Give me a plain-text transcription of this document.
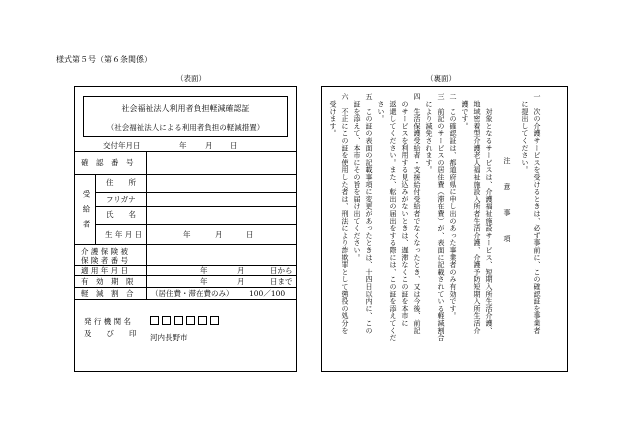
様式第５号（第６条関係）
（表面）	（裏面）
社会福祉法人利用者負担軽減確認証
（社会福祉法人による利用者負担の軽減措置）
交付年月日	年 月 日
確　認　番　号
受　給　者
住　　所
フリガナ
氏　　名
生 年 月 日	年	月	日
介 護 保 険 被
保 険 者 番 号
適 用 年 月 日	年	月	日から
有　効　期　限	年	月	日まで
軽　減　割　合 （居住費・滞在費のみ） 100／100
発 行 機 関 名
及　　び　　印 河内長野市
注　意　事　項
　受けます。 六　不正にこの証を使用した者は、刑法により詐欺罪として懲役の処分を 　証を添えて、本市にその旨を届け出てください。 五　この証の表面の記載事項に変更があったときは、十四日以内に、この 　さい。 　返還してください。また、転出の届出をする際には、この証を添えてくだ 　のサービスを利用する見込みがないときは、遅滞なくこの証を本市に 四　生活保護受給者・支援給付受給者でなくなったとき、又は今後、前記 　により減免されます。 三　前記のサービスの居住費（滞在費）が、表面に記載されている軽減割合 二　この確認証は、都道府県に申し出のあった事業者のみ有効です。 　護です。 　地域密着型介護老人福祉施設入所者生活介護、介護予防短期入所生活介 　　対象となるサービスは、介護福祉施設サービス、短期入所生活介護、	　に提出してください。 一　次の介護サービスを受けるときは、必ず事前に、この確認証を事業者
